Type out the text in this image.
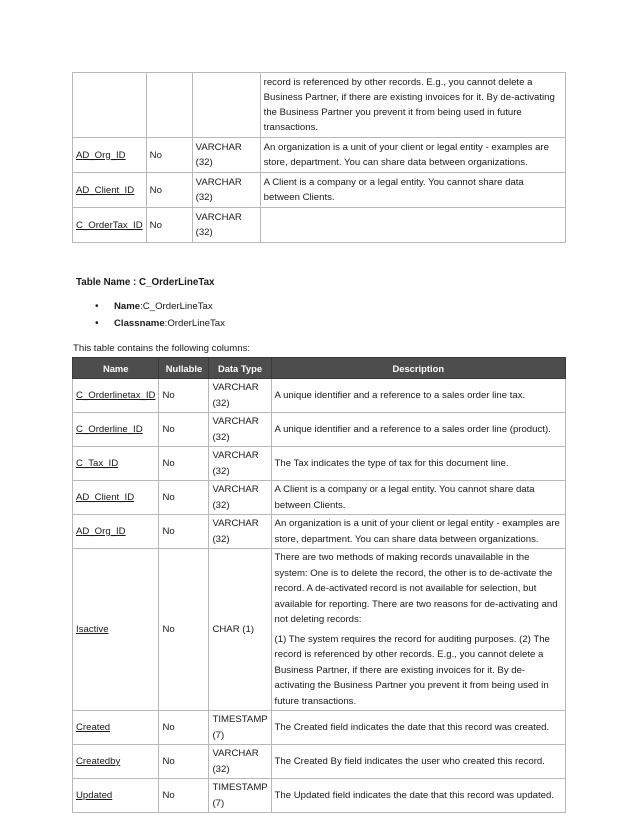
			record is referenced by other records. E.g., you cannot delete a Business Partner, if there are existing invoices for it. By de-activating the Business Partner you prevent it from being used in future transactions.
AD_Org_ID	No	VARCHAR (32)	An organization is a unit of your client or legal entity - examples are store, department. You can share data between organizations.
AD_Client_ID	No	VARCHAR (32)	A Client is a company or a legal entity. You cannot share data between Clients.
C_OrderTax_ID	No	VARCHAR (32)	
Table Name : C_OrderLineTax
• Name:C_OrderLineTax
• Classname:OrderLineTax
This table contains the following columns:
Name	Nullable	Data Type	Description
C_Orderlinetax_ID	No	VARCHAR (32)	A unique identifier and a reference to a sales order line tax.

C_Orderline_ID	No	VARCHAR (32)	A unique identifier and a reference to a sales order line (product).

C_Tax_ID	No	VARCHAR (32)	The Tax indicates the type of tax for this document line.

AD_Client_ID	No	VARCHAR (32)	A Client is a company or a legal entity. You cannot share data between Clients.

AD_Org_ID	No	VARCHAR (32)	An organization is a unit of your client or legal entity - examples are store, department. You can share data between organizations.

Isactive	No	CHAR (1)	There are two methods of making records unavailable in the system: One is to delete the record, the other is to de-activate the record. A de-activated record is not available for selection, but available for reporting. There are two reasons for de-activating and not deleting records:

(1) The system requires the record for auditing purposes. (2) The record is referenced by other records. E.g., you cannot delete a Business Partner, if there are existing invoices for it. By de-activating the Business Partner you prevent it from being used in future transactions.

Created	No	TIMESTAMP (7)	The Created field indicates the date that this record was created.

Createdby	No	VARCHAR (32)	The Created By field indicates the user who created this record.

Updated	No	TIMESTAMP (7)	The Updated field indicates the date that this record was updated.
